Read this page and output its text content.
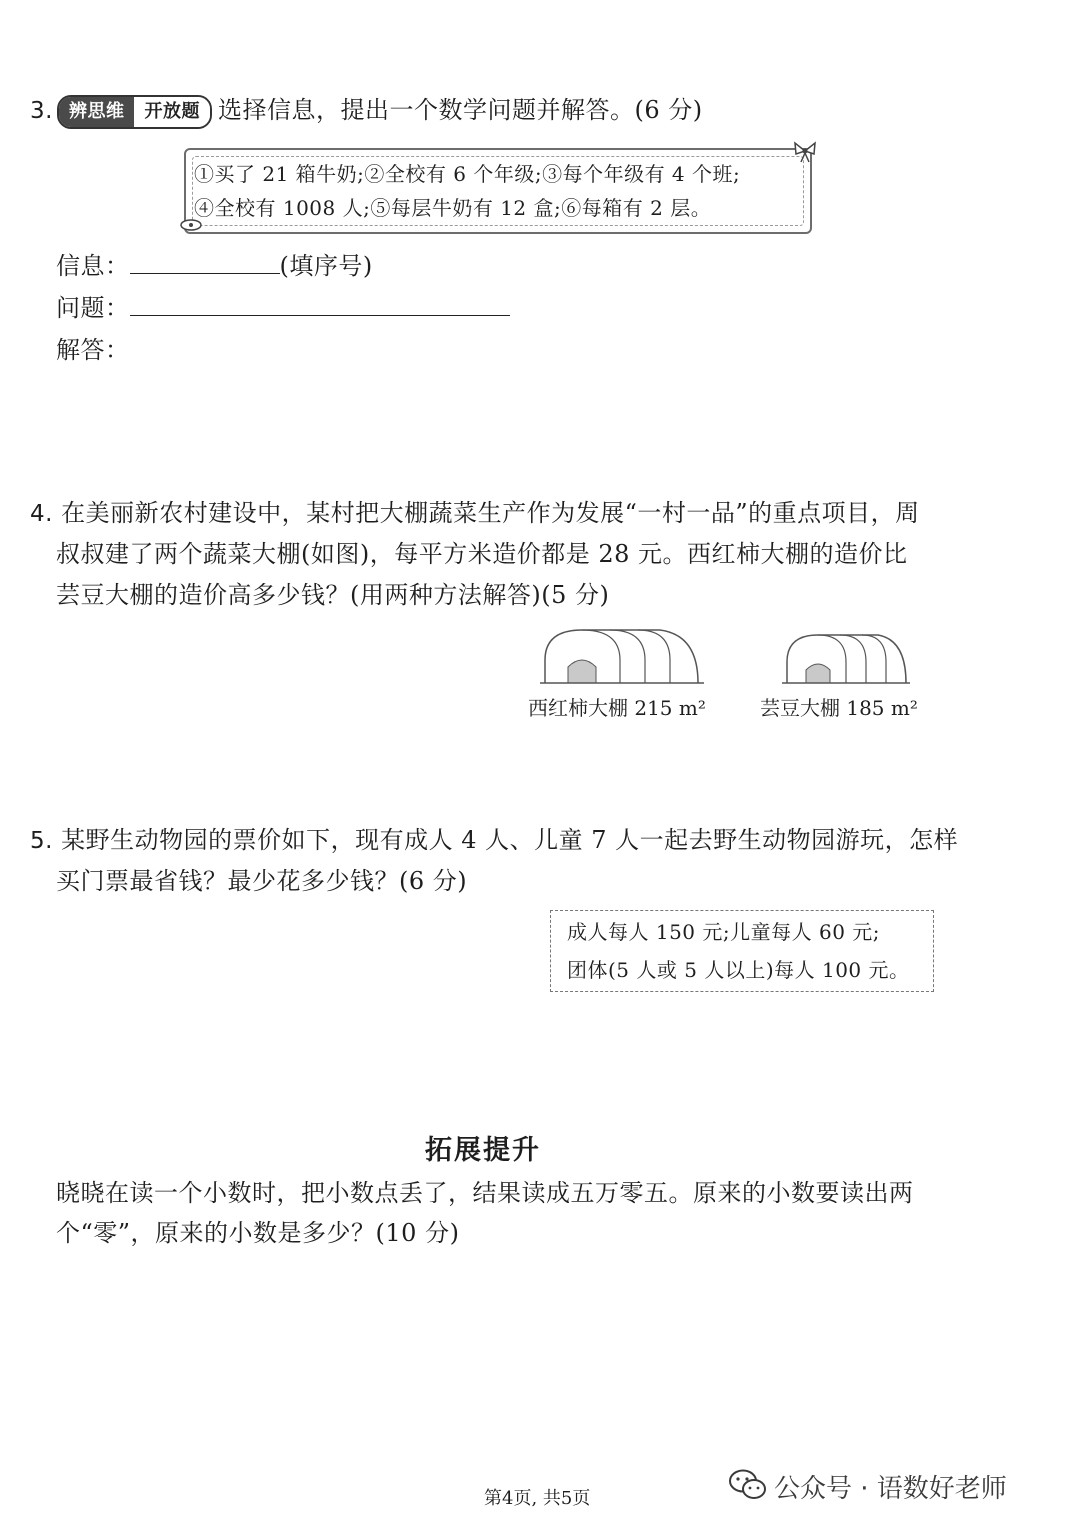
3. 辨思维	开放题 选择信息，提出一个数学问题并解答。(6 分)
①买了 21 箱牛奶;②全校有 6 个年级;③每个年级有 4 个班;
④全校有 1008 人;⑤每层牛奶有 12 盒;⑥每箱有 2 层。
信息：	(填序号)
问题：
解答：
4. 在美丽新农村建设中，某村把大棚蔬菜生产作为发展“一村一品”的重点项目，周
叔叔建了两个蔬菜大棚(如图)，每平方米造价都是 28 元。西红柿大棚的造价比
芸豆大棚的造价高多少钱？(用两种方法解答)(5 分)
西红柿大棚 215 m²	芸豆大棚 185 m²
5. 某野生动物园的票价如下，现有成人 4 人、儿童 7 人一起去野生动物园游玩，怎样
买门票最省钱？最少花多少钱？(6 分)
成人每人 150 元;儿童每人 60 元;
团体(5 人或 5 人以上)每人 100 元。
拓展提升
晓晓在读一个小数时，把小数点丢了，结果读成五万零五。原来的小数要读出两
个“零”，原来的小数是多少？(10 分)
第4页, 共5页	公众号 · 语数好老师
